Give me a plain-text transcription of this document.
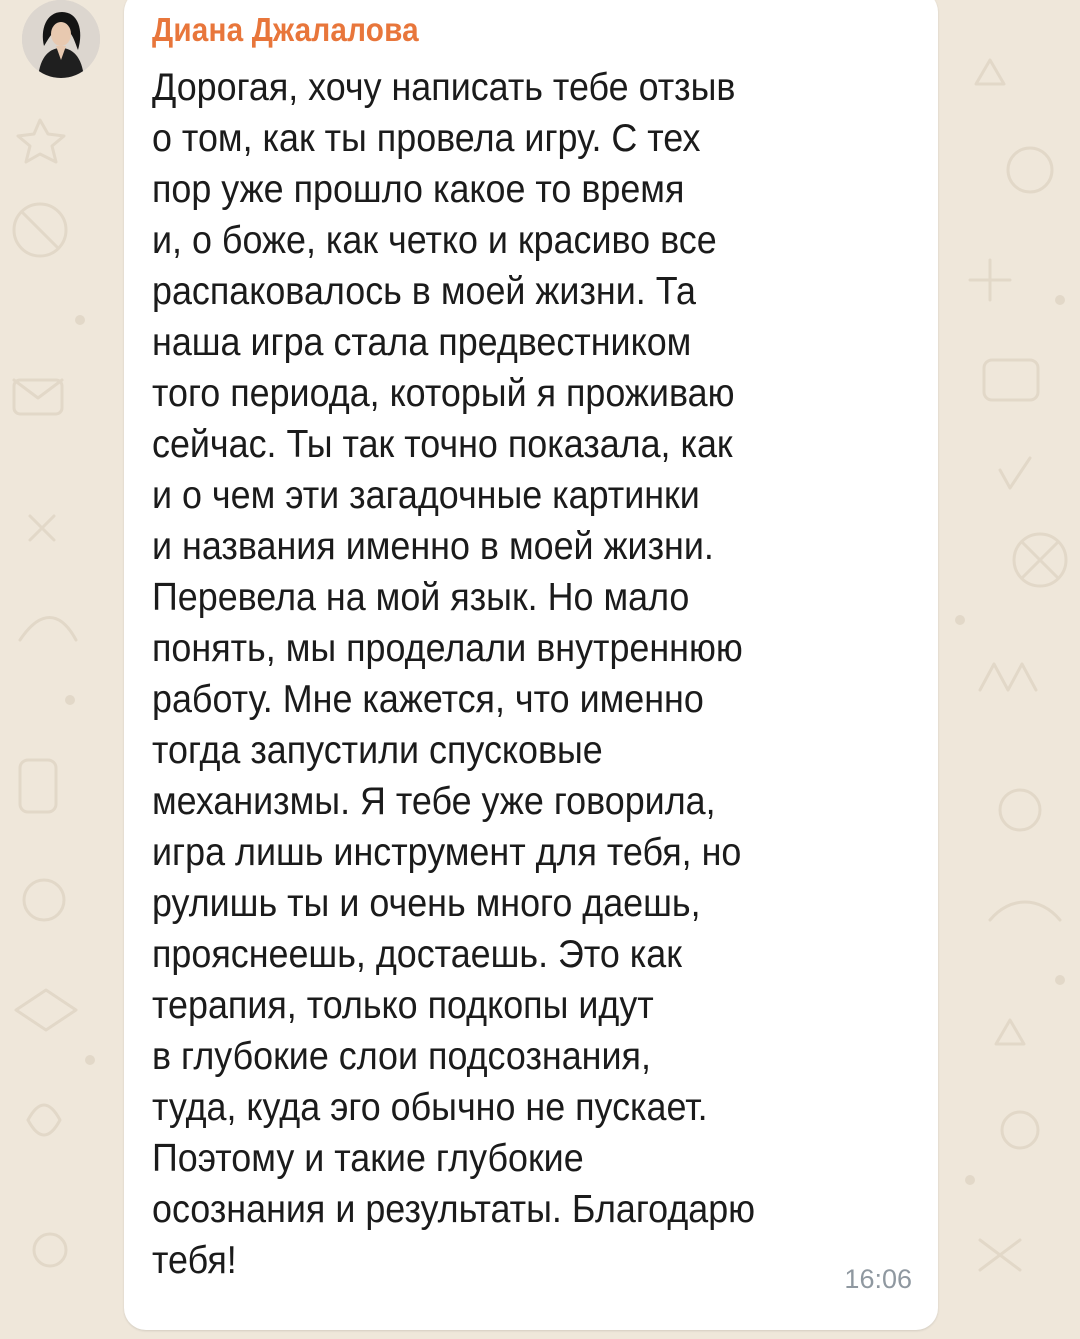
Диана Джалалова
Дорогая, хочу написать тебе отзыв
о том, как ты провела игру. С тех
пор уже прошло какое то время
и, о боже, как четко и красиво все
распаковалось в моей жизни. Та
наша игра стала предвестником
того периода, который я проживаю
сейчас. Ты так точно показала, как
и о чем эти загадочные картинки
и названия именно в моей жизни.
Перевела на мой язык. Но мало
понять, мы проделали внутреннюю
работу. Мне кажется, что именно
тогда запустили спусковые
механизмы. Я тебе уже говорила,
игра лишь инструмент для тебя, но
рулишь ты и очень много даешь,
прояснеешь, достаешь. Это как
терапия, только подкопы идут
в глубокие слои подсознания,
туда, куда эго обычно не пускает.
Поэтому и такие глубокие
осознания и результаты. Благодарю
тебя!	16:06
